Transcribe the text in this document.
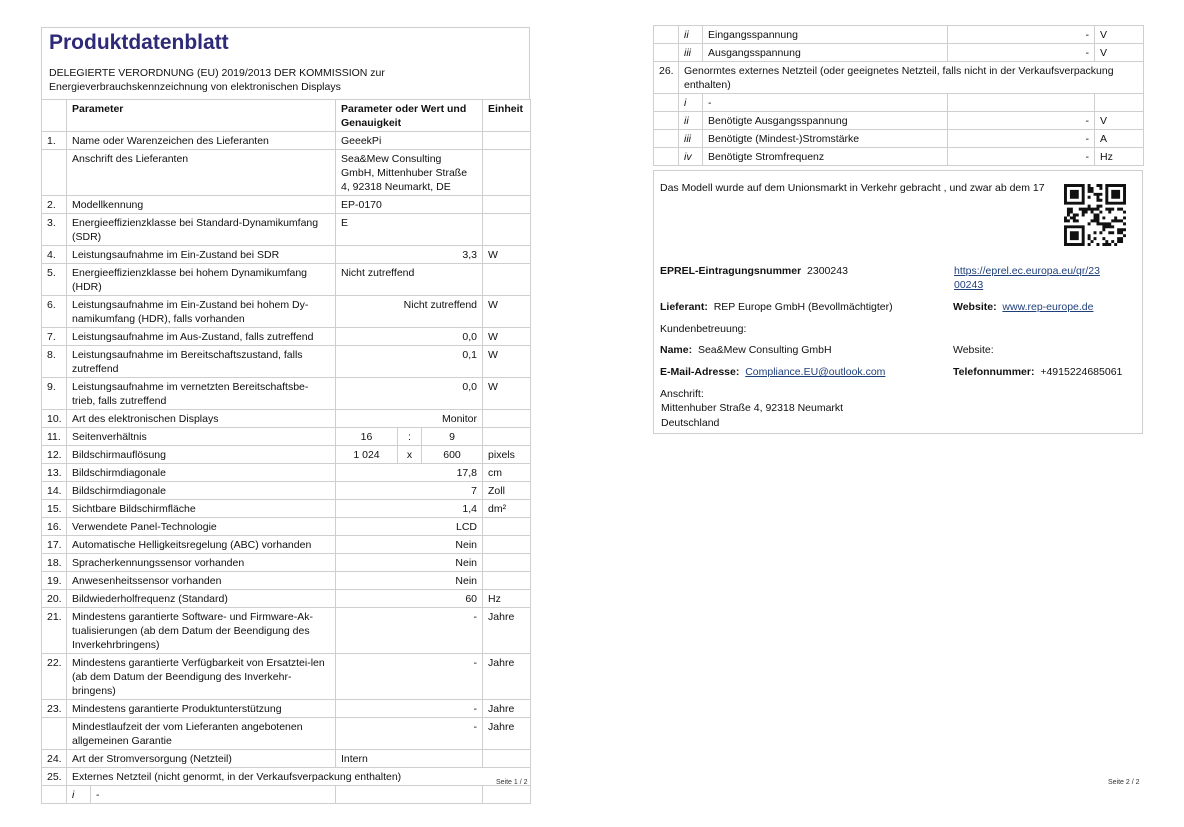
Produktdatenblatt
DELEGIERTE VERORDNUNG (EU) 2019/2013 DER KOMMISSION zur Energieverbrauchskennzeichnung von elektronischen Displays
	Parameter		Parameter oder Wert und Genauigkeit			Einheit
1.	Name oder Warenzeichen des Lieferanten		GeeekPi			
	Anschrift des Lieferanten		Sea&Mew Consulting GmbH, Mittenhuber Straße 4, 92318 Neumarkt, DE			
2.	Modellkennung		EP-0170			
3.	Energieeffizienzklasse bei Standard-Dynamikumfang (SDR)		E			
4.	Leistungsaufnahme im Ein-Zustand bei SDR		3,3			W
5.	Energieeffizienzklasse bei hohem Dynamikumfang (HDR)		Nicht zutreffend			
6.	Leistungsaufnahme im Ein-Zustand bei hohem Dy-namikumfang (HDR), falls vorhanden		Nicht zutreffend			W
7.	Leistungsaufnahme im Aus-Zustand, falls zutreffend		0,0			W
8.	Leistungsaufnahme im Bereitschaftszustand, falls zutreffend		0,1			W
9.	Leistungsaufnahme im vernetzten Bereitschaftsbe-trieb, falls zutreffend		0,0			W
10.	Art des elektronischen Displays		Monitor			
11.	Seitenverhältnis		16	:	9	
12.	Bildschirmauflösung		1 024	x	600	pixels
13.	Bildschirmdiagonale		17,8			cm
14.	Bildschirmdiagonale		7			Zoll
15.	Sichtbare Bildschirmfläche		1,4			dm²
16.	Verwendete Panel-Technologie		LCD			
17.	Automatische Helligkeitsregelung (ABC) vorhanden		Nein			
18.	Spracherkennungssensor vorhanden		Nein			
19.	Anwesenheitssensor vorhanden		Nein			
20.	Bildwiederholfrequenz (Standard)		60			Hz
21.	Mindestens garantierte Software- und Firmware-Ak-tualisierungen (ab dem Datum der Beendigung des Inverkehrbringens)		-			Jahre
22.	Mindestens garantierte Verfügbarkeit von Ersatztei-len (ab dem Datum der Beendigung des Inverkehr-bringens)		-			Jahre
23.	Mindestens garantierte Produktunterstützung		-			Jahre
	Mindestlaufzeit der vom Lieferanten angebotenen allgemeinen Garantie		-			Jahre
24.	Art der Stromversorgung (Netzteil)		Intern			
25.	Externes Netzteil (nicht genormt, in der Verkaufsverpackung enthalten)					
	i	-				
Seite 1 / 2
	ii	Eingangsspannung	-	V
	iii	Ausgangsspannung	-	V
26.	Genormtes externes Netzteil (oder geeignetes Netzteil, falls nicht in der Verkaufsverpackung enthalten)			
	i	-		
	ii	Benötigte Ausgangsspannung	-	V
	iii	Benötigte (Mindest-)Stromstärke	-	A
	iv	Benötigte Stromfrequenz	-	Hz
Seite 2 / 2
Das Modell wurde auf dem Unionsmarkt in Verkehr gebracht , und zwar ab dem 17
EPREL-Eintragungsnummer 2300243	https://eprel.ec.europa.eu/qr/23
00243
Lieferant: REP Europe GmbH (Bevollmächtigter)	Website: www.rep-europe.de
Kundenbetreuung:
Name: Sea&Mew Consulting GmbH	Website:
E-Mail-Adresse: Compliance.EU@outlook.com	Telefonnummer: +4915224685061
Anschrift:
Mittenhuber Straße 4, 92318 Neumarkt
Deutschland
